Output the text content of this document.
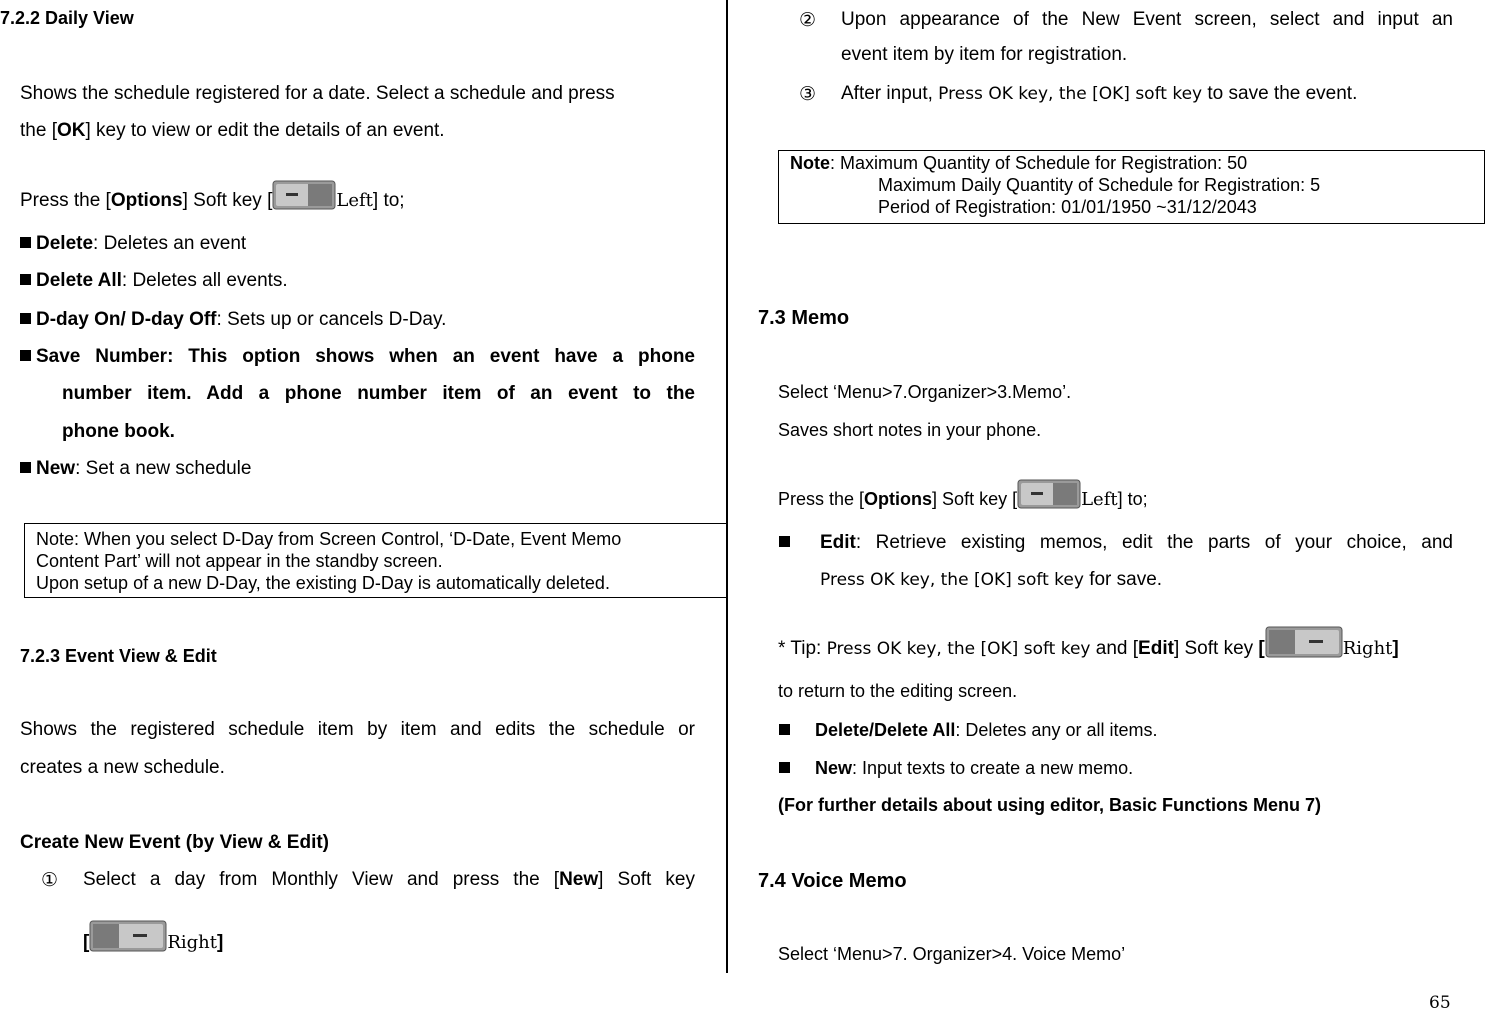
7.2.2 Daily View
Shows the schedule registered for a date. Select a schedule and press
the [OK] key to view or edit the details of an event.
Press the [Options] Soft key [	Left] to;
Delete: Deletes an event
Delete All: Deletes all events.
D-day On/ D-day Off: Sets up or cancels D-Day.
Save Number: This option shows when an event have a phone
number item. Add a phone number item of an event to the
phone book.
New: Set a new schedule
Note: When you select D-Day from Screen Control, ‘D-Date, Event Memo
Content Part’ will not appear in the standby screen.
Upon setup of a new D-Day, the existing D-Day is automatically deleted.
7.2.3 Event View & Edit
Shows the registered schedule item by item and edits the schedule or
creates a new schedule.
Create New Event (by View & Edit)
① Select a day from Monthly View and press the [New] Soft key
[	Right]
② Upon appearance of the New Event screen, select and input an
event item by item for registration.
③ After input, Press OK key, the [OK] soft key to save the event.
Note: Maximum Quantity of Schedule for Registration: 50
Maximum Daily Quantity of Schedule for Registration: 5
Period of Registration: 01/01/1950 ~31/12/2043
7.3 Memo
Select ‘Menu>7.Organizer>3.Memo’.
Saves short notes in your phone.
Press the [Options] Soft key [	Left] to;
Edit: Retrieve existing memos, edit the parts of your choice, and
Press OK key, the [OK] soft key for save.
* Tip: Press OK key, the [OK] soft key and [Edit] Soft key [	Right]
to return to the editing screen.
Delete/Delete All: Deletes any or all items.
New: Input texts to create a new memo.
(For further details about using editor, Basic Functions Menu 7)
7.4 Voice Memo
Select ‘Menu>7. Organizer>4. Voice Memo’
65
